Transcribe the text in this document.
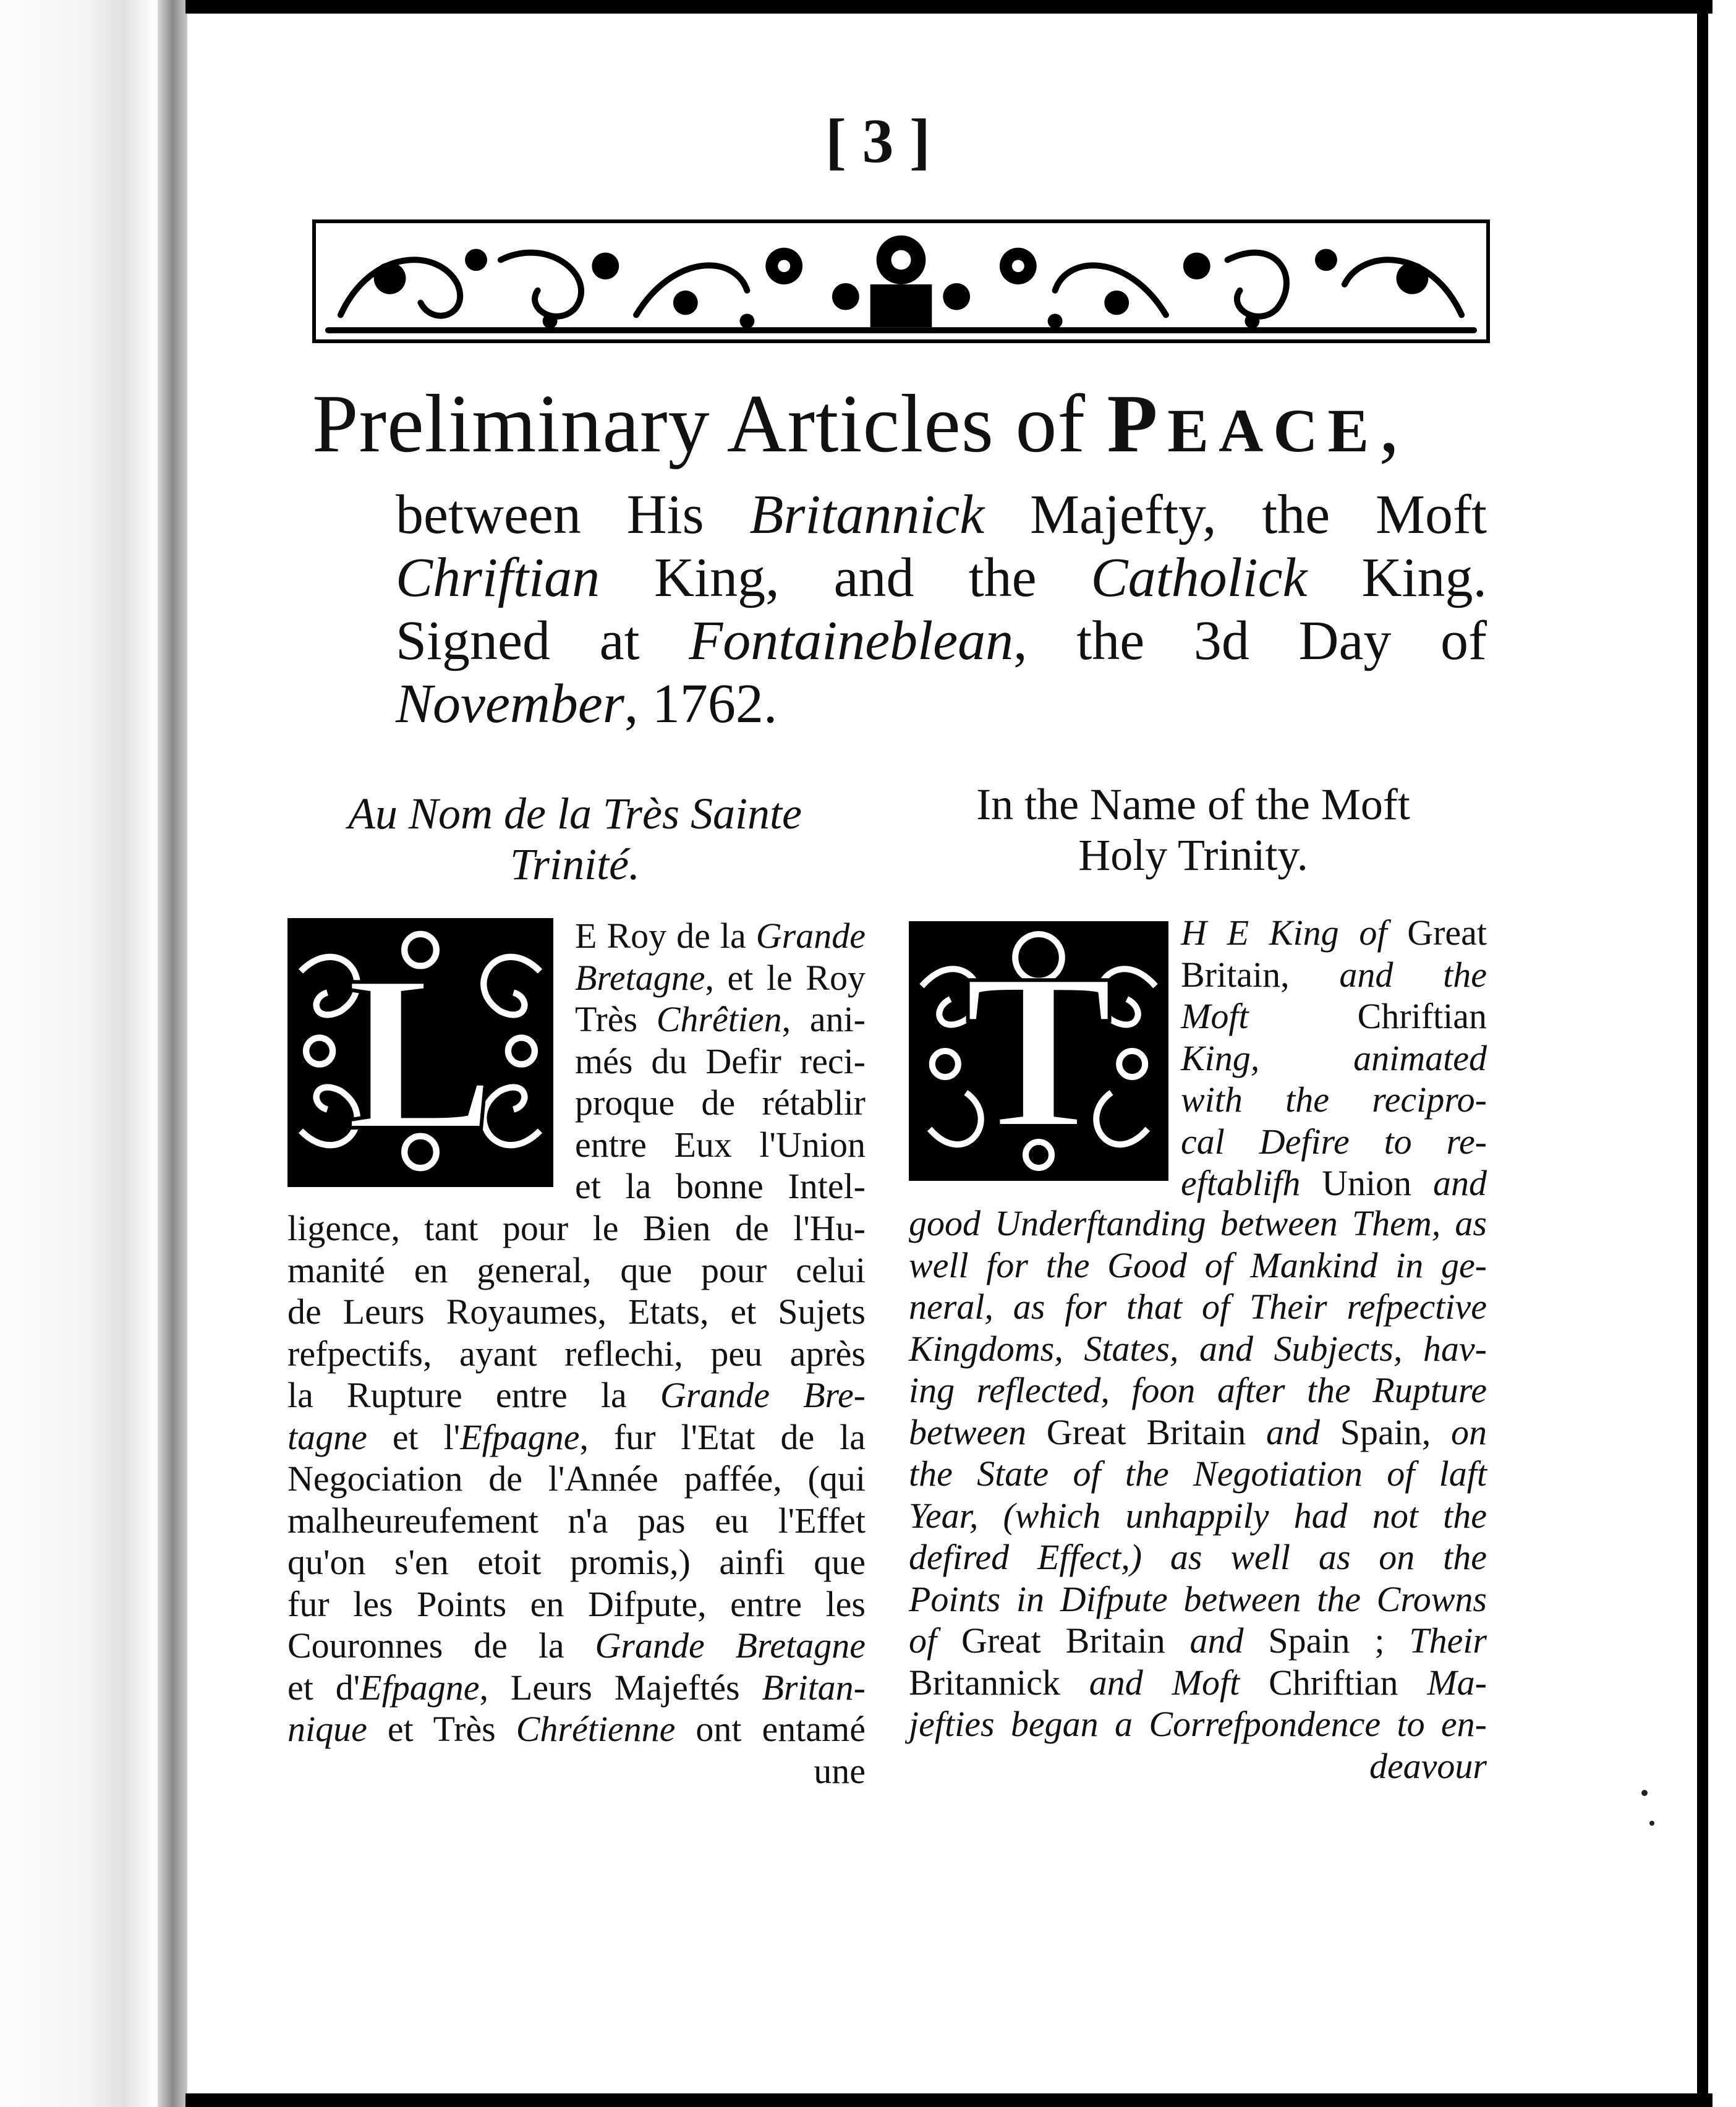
[ 3 ]
Preliminary Articles of PEACE,
between His Britannick Majefty, the Moft
Chriftian King, and the Catholick King.
Signed at Fontaineblean, the 3d Day of
November, 1762.
Au Nom de la Très Sainte
Trinité.
In the Name of the Moft
Holy Trinity.
L T
E Roy de la Grande
Bretagne, et le Roy
Très Chrêtien, ani-
més du Defir reci-
proque de rétablir
entre Eux l'Union
et la bonne Intel-
ligence, tant pour le Bien de l'Hu-
manité en general, que pour celui
de Leurs Royaumes, Etats, et Sujets
refpectifs, ayant reflechi, peu après
la Rupture entre la Grande Bre-
tagne et l'Efpagne, fur l'Etat de la
Negociation de l'Année paffée, (qui
malheureufement n'a pas eu l'Effet
qu'on s'en etoit promis,) ainfi que
fur les Points en Difpute, entre les
Couronnes de la Grande Bretagne
et d'Efpagne, Leurs Majeftés Britan-
nique et Très Chrétienne ont entamé
une
H E King of Great
Britain, and the
Moft Chriftian
King, animated
with the recipro-
cal Defire to re-
eftablifh Union and
good Underftanding between Them, as
well for the Good of Mankind in ge-
neral, as for that of Their refpective
Kingdoms, States, and Subjects, hav-
ing reflected, foon after the Rupture
between Great Britain and Spain, on
the State of the Negotiation of laft
Year, (which unhappily had not the
defired Effect,) as well as on the
Points in Difpute between the Crowns
of Great Britain and Spain ; Their
Britannick and Moft Chriftian Ma-
jefties began a Correfpondence to en-
deavour
